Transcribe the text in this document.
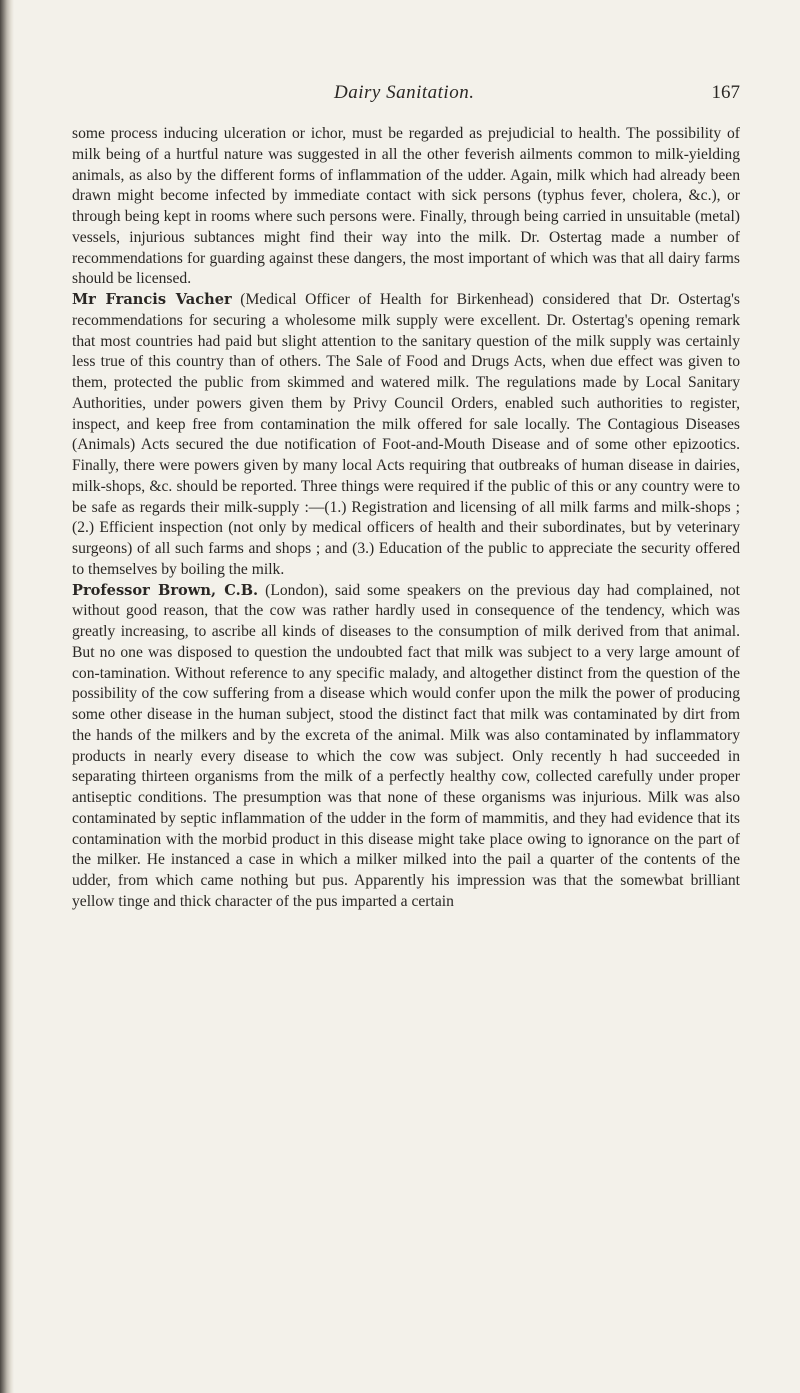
Dairy Sanitation.	167

some process inducing ulceration or ichor, must be regarded as prejudicial to health. The possibility of milk being of a hurtful nature was suggested in all the other feverish ailments common to milk-yielding animals, as also by the different forms of inflammation of the udder. Again, milk which had already been drawn might become infected by immediate contact with sick persons (typhus fever, cholera, &c.), or through being kept in rooms where such persons were. Finally, through being carried in unsuitable (metal) vessels, injurious subtances might find their way into the milk. Dr. Ostertag made a number of recommendations for guarding against these dangers, the most important of which was that all dairy farms should be licensed.

Mr Francis Vacher (Medical Officer of Health for Birkenhead) considered that Dr. Ostertag's recommendations for securing a wholesome milk supply were excellent. Dr. Ostertag's opening remark that most countries had paid but slight attention to the sanitary question of the milk supply was certainly less true of this country than of others. The Sale of Food and Drugs Acts, when due effect was given to them, protected the public from skimmed and watered milk. The regulations made by Local Sanitary Authorities, under powers given them by Privy Council Orders, enabled such authorities to register, inspect, and keep free from contamination the milk offered for sale locally. The Contagious Diseases (Animals) Acts secured the due notification of Foot-and-Mouth Disease and of some other epizootics. Finally, there were powers given by many local Acts requiring that outbreaks of human disease in dairies, milk-shops, &c. should be reported. Three things were required if the public of this or any country were to be safe as regards their milk-supply :—(1.) Registration and licensing of all milk farms and milk-shops ; (2.) Efficient inspection (not only by medical officers of health and their subordinates, but by veterinary surgeons) of all such farms and shops ; and (3.) Education of the public to appreciate the security offered to themselves by boiling the milk.

Professor Brown, C.B. (London), said some speakers on the previous day had complained, not without good reason, that the cow was rather hardly used in consequence of the tendency, which was greatly increasing, to ascribe all kinds of diseases to the consumption of milk derived from that animal. But no one was disposed to question the undoubted fact that milk was subject to a very large amount of con-tamination. Without reference to any specific malady, and altogether distinct from the question of the possibility of the cow suffering from a disease which would confer upon the milk the power of producing some other disease in the human subject, stood the distinct fact that milk was contaminated by dirt from the hands of the milkers and by the excreta of the animal. Milk was also contaminated by inflammatory products in nearly every disease to which the cow was subject. Only recently h had succeeded in separating thirteen organisms from the milk of a perfectly healthy cow, collected carefully under proper antiseptic conditions. The presumption was that none of these organisms was injurious. Milk was also contaminated by septic inflammation of the udder in the form of mammitis, and they had evidence that its contamination with the morbid product in this disease might take place owing to ignorance on the part of the milker. He instanced a case in which a milker milked into the pail a quarter of the contents of the udder, from which came nothing but pus. Apparently his impression was that the somewbat brilliant yellow tinge and thick character of the pus imparted a certain
